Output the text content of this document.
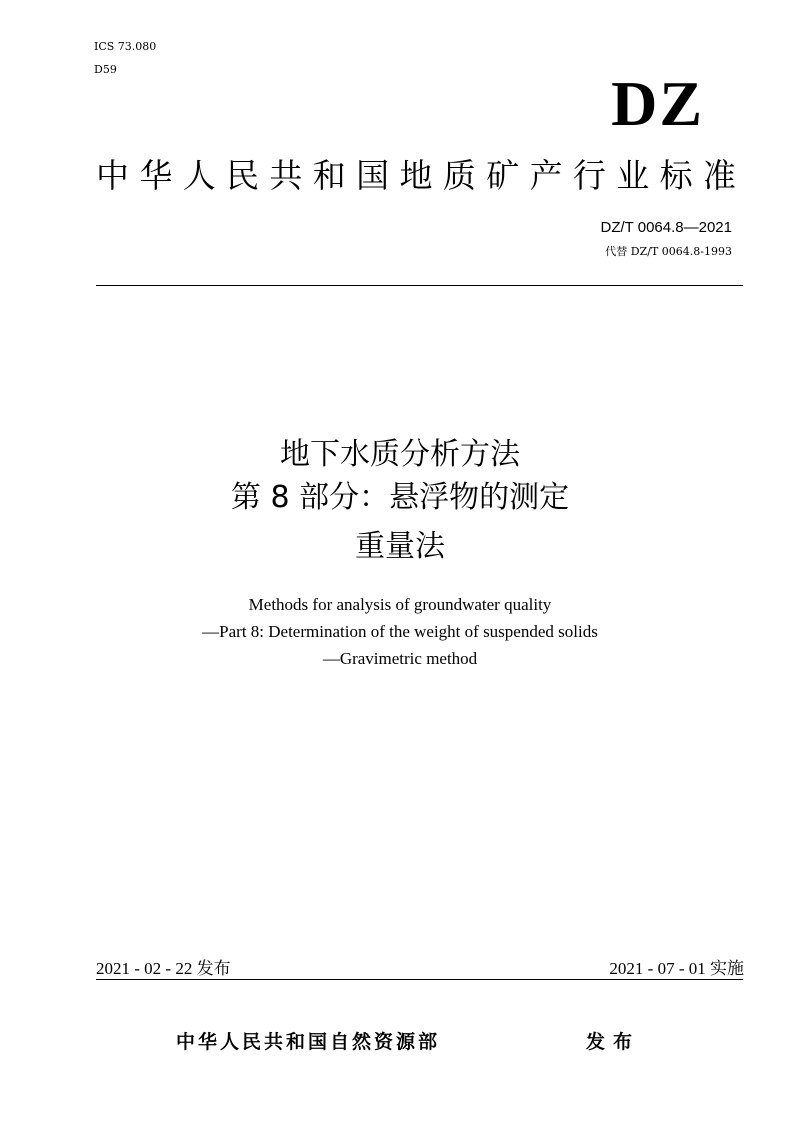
ICS 73.080
D59	DZ
中华人民共和国地质矿产行业标准
DZ/T 0064.8—2021
代替 DZ/T 0064.8-1993
地下水质分析方法
第 8 部分：悬浮物的测定
重量法
Methods for analysis of groundwater quality
—Part 8: Determination of the weight of suspended solids
—Gravimetric method
2021 - 02 - 22 发布	2021 - 07 - 01 实施
中华人民共和国自然资源部	发布
